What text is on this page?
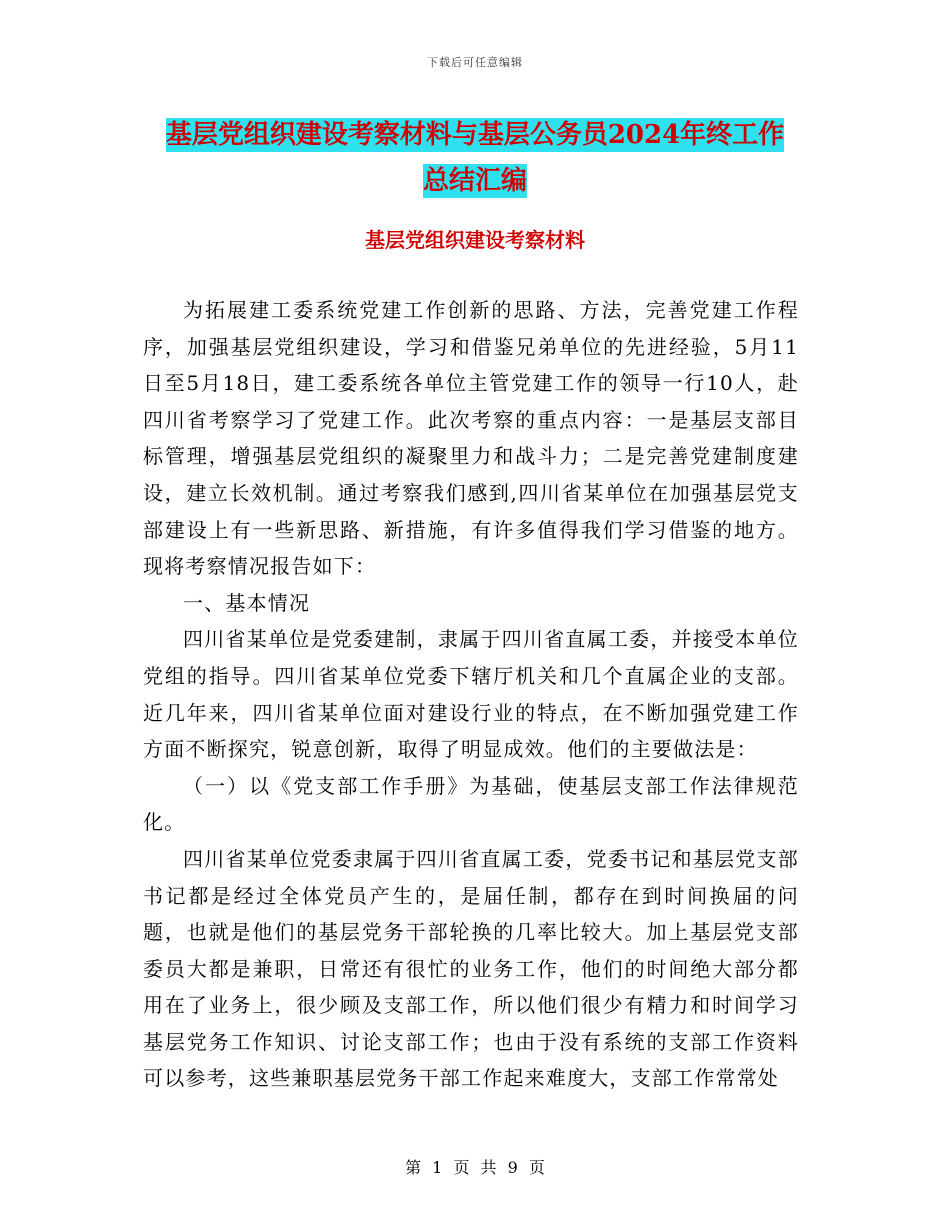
下载后可任意编辑
基层党组织建设考察材料与基层公务员2024年终工作
总结汇编
基层党组织建设考察材料

为拓展建工委系统党建工作创新的思路、方法，完善党建工作程序，加强基层党组织建设，学习和借鉴兄弟单位的先进经验，5月11日至5月18日，建工委系统各单位主管党建工作的领导一行10人，赴四川省考察学习了党建工作。此次考察的重点内容：一是基层支部目标管理，增强基层党组织的凝聚里力和战斗力；二是完善党建制度建设，建立长效机制。通过考察我们感到,四川省某单位在加强基层党支部建设上有一些新思路、新措施，有许多值得我们学习借鉴的地方。现将考察情况报告如下：

一、基本情况

四川省某单位是党委建制，隶属于四川省直属工委，并接受本单位党组的指导。四川省某单位党委下辖厅机关和几个直属企业的支部。近几年来，四川省某单位面对建设行业的特点，在不断加强党建工作方面不断探究，锐意创新，取得了明显成效。他们的主要做法是：

（一）以《党支部工作手册》为基础，使基层支部工作法律规范化。

四川省某单位党委隶属于四川省直属工委，党委书记和基层党支部书记都是经过全体党员产生的，是届任制，都存在到时间换届的问题，也就是他们的基层党务干部轮换的几率比较大。加上基层党支部委员大都是兼职，日常还有很忙的业务工作，他们的时间绝大部分都用在了业务上，很少顾及支部工作，所以他们很少有精力和时间学习基层党务工作知识、讨论支部工作；也由于没有系统的支部工作资料可以参考，这些兼职基层党务干部工作起来难度大，支部工作常常处

第 1 页 共 9 页
